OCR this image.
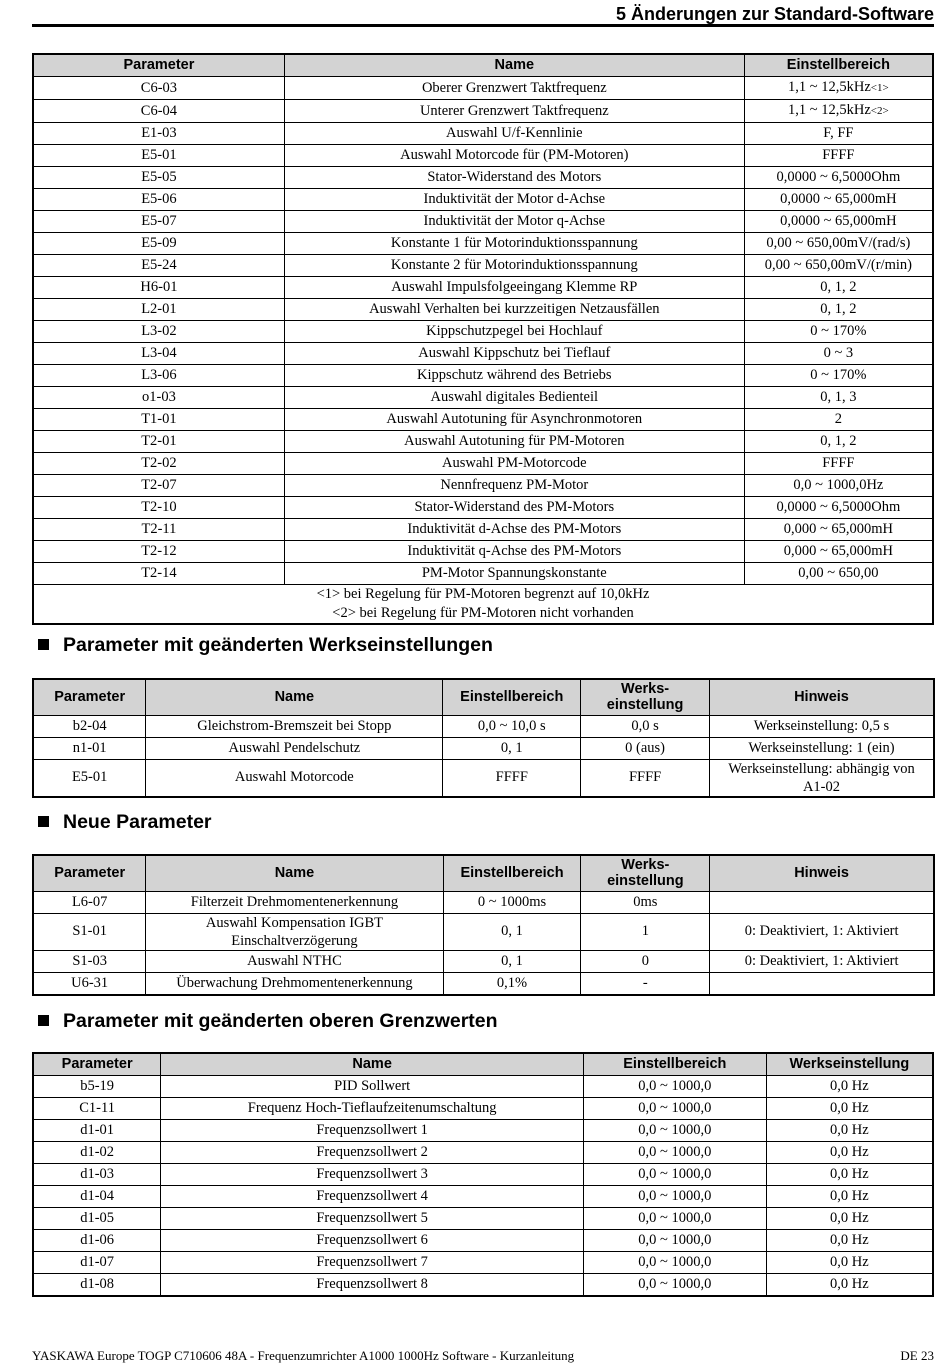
5 Änderungen zur Standard-Software
Parameter	Name	Einstellbereich
C6-03	Oberer Grenzwert Taktfrequenz	1,1 ~ 12,5kHz<1>
C6-04	Unterer Grenzwert Taktfrequenz	1,1 ~ 12,5kHz<2>
E1-03	Auswahl U/f-Kennlinie	F, FF
E5-01	Auswahl Motorcode für (PM-Motoren)	FFFF
E5-05	Stator-Widerstand des Motors	0,0000 ~ 6,5000Ohm
E5-06	Induktivität der Motor d-Achse	0,0000 ~ 65,000mH
E5-07	Induktivität der Motor q-Achse	0,0000 ~ 65,000mH
E5-09	Konstante 1 für Motorinduktionsspannung	0,00 ~ 650,00mV/(rad/s)
E5-24	Konstante 2 für Motorinduktionsspannung	0,00 ~ 650,00mV/(r/min)
H6-01	Auswahl Impulsfolgeeingang Klemme RP	0, 1, 2
L2-01	Auswahl Verhalten bei kurzzeitigen Netzausfällen	0, 1, 2
L3-02	Kippschutzpegel bei Hochlauf	0 ~ 170%
L3-04	Auswahl Kippschutz bei Tieflauf	0 ~ 3
L3-06	Kippschutz während des Betriebs	0 ~ 170%
o1-03	Auswahl digitales Bedienteil	0, 1, 3
T1-01	Auswahl Autotuning für Asynchronmotoren	2
T2-01	Auswahl Autotuning für PM-Motoren	0, 1, 2
T2-02	Auswahl PM-Motorcode	FFFF
T2-07	Nennfrequenz PM-Motor	0,0 ~ 1000,0Hz
T2-10	Stator-Widerstand des PM-Motors	0,0000 ~ 6,5000Ohm
T2-11	Induktivität d-Achse des PM-Motors	0,000 ~ 65,000mH
T2-12	Induktivität q-Achse des PM-Motors	0,000 ~ 65,000mH
T2-14	PM-Motor Spannungskonstante	0,00 ~ 650,00

<1> bei Regelung für PM-Motoren begrenzt auf 10,0kHz
<2> bei Regelung für PM-Motoren nicht vorhanden		
Parameter mit geänderten Werkseinstellungen
Parameter	Name	Einstellbereich	Werks-
einstellung	Hinweis
b2-04	Gleichstrom-Bremszeit bei Stopp	0,0 ~ 10,0 s	0,0 s	Werkseinstellung: 0,5 s

n1-01	Auswahl Pendelschutz	0, 1	0 (aus)	Werkseinstellung: 1 (ein)

E5-01	Auswahl Motorcode	FFFF	FFFF	Werkseinstellung: abhängig von
A1-02
Neue Parameter
Parameter	Name	Einstellbereich	Werks-
einstellung	Hinweis
L6-07	Filterzeit Drehmomentenerkennung	0 ~ 1000ms	0ms	
S1-01	Auswahl Kompensation IGBT
Einschaltverzögerung	0, 1	1	0: Deaktiviert, 1: Aktiviert
S1-03	Auswahl NTHC	0, 1	0	0: Deaktiviert, 1: Aktiviert
U6-31	Überwachung Drehmomentenerkennung	0,1%	-	
Parameter mit geänderten oberen Grenzwerten
Parameter	Name	Einstellbereich	Werkseinstellung
b5-19	PID Sollwert	0,0 ~ 1000,0	0,0 Hz
C1-11	Frequenz Hoch-Tieflaufzeitenumschaltung	0,0 ~ 1000,0	0,0 Hz
d1-01	Frequenzsollwert 1	0,0 ~ 1000,0	0,0 Hz
d1-02	Frequenzsollwert 2	0,0 ~ 1000,0	0,0 Hz
d1-03	Frequenzsollwert 3	0,0 ~ 1000,0	0,0 Hz
d1-04	Frequenzsollwert 4	0,0 ~ 1000,0	0,0 Hz
d1-05	Frequenzsollwert 5	0,0 ~ 1000,0	0,0 Hz
d1-06	Frequenzsollwert 6	0,0 ~ 1000,0	0,0 Hz
d1-07	Frequenzsollwert 7	0,0 ~ 1000,0	0,0 Hz
d1-08	Frequenzsollwert 8	0,0 ~ 1000,0	0,0 Hz
YASKAWA Europe TOGP C710606 48A - Frequenzumrichter A1000 1000Hz Software - Kurzanleitung	DE 23
